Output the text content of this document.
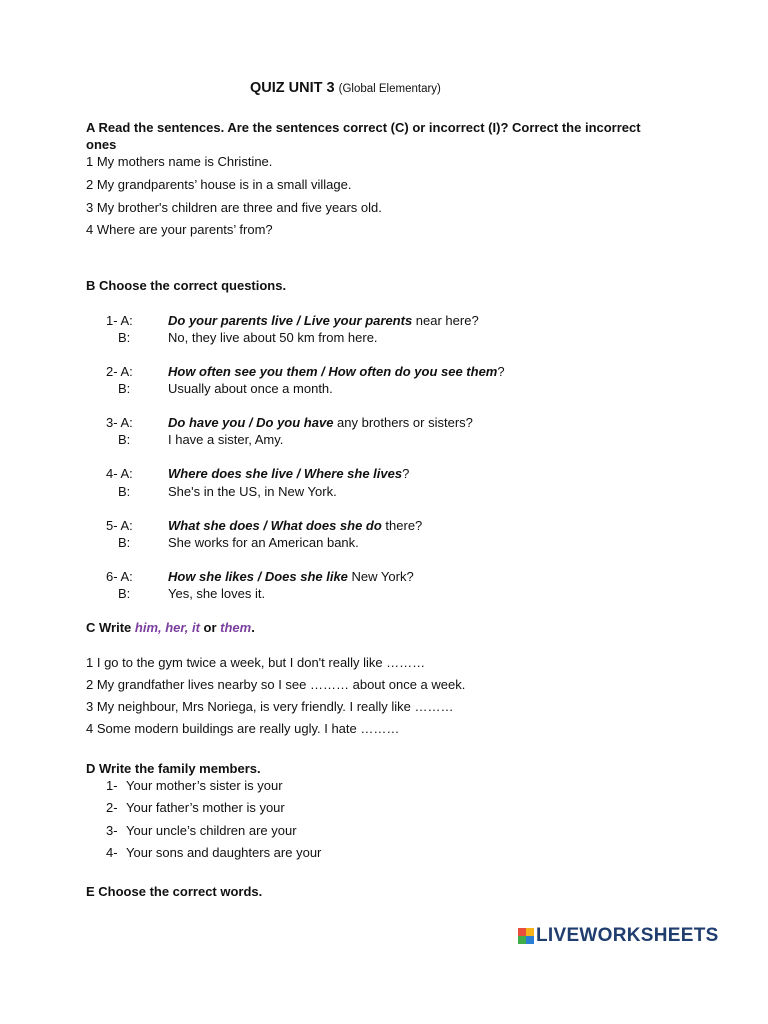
QUIZ UNIT 3 (Global Elementary)
A Read the sentences. Are the sentences correct (C) or incorrect (I)? Correct the incorrect
ones
1 My mothers name is Christine.
2 My grandparents’ house is in a small village.
3 My brother's children are three and five years old.
4 Where are your parents’ from?
B Choose the correct questions.
1- A:	Do your parents live / Live your parents near here?
B:	No, they live about 50 km from here.
2- A:	How often see you them / How often do you see them?
B:	Usually about once a month.
3- A:	Do have you / Do you have any brothers or sisters?
B:	I have a sister, Amy.
4- A:	Where does she live / Where she lives?
B:	She's in the US, in New York.
5- A:	What she does / What does she do there?
B:	She works for an American bank.
6- A:	How she likes / Does she like New York?
B:	Yes, she loves it.
C Write him, her, it or them.
1 I go to the gym twice a week, but I don't really like ………
2 My grandfather lives nearby so I see ……… about once a week.
3 My neighbour, Mrs Noriega, is very friendly. I really like ………
4 Some modern buildings are really ugly. I hate ………
D Write the family members.
1- Your mother’s sister is your
2- Your father’s mother is your
3- Your uncle’s children are your
4- Your sons and daughters are your
E Choose the correct words.
LIVEWORKSHEETS
